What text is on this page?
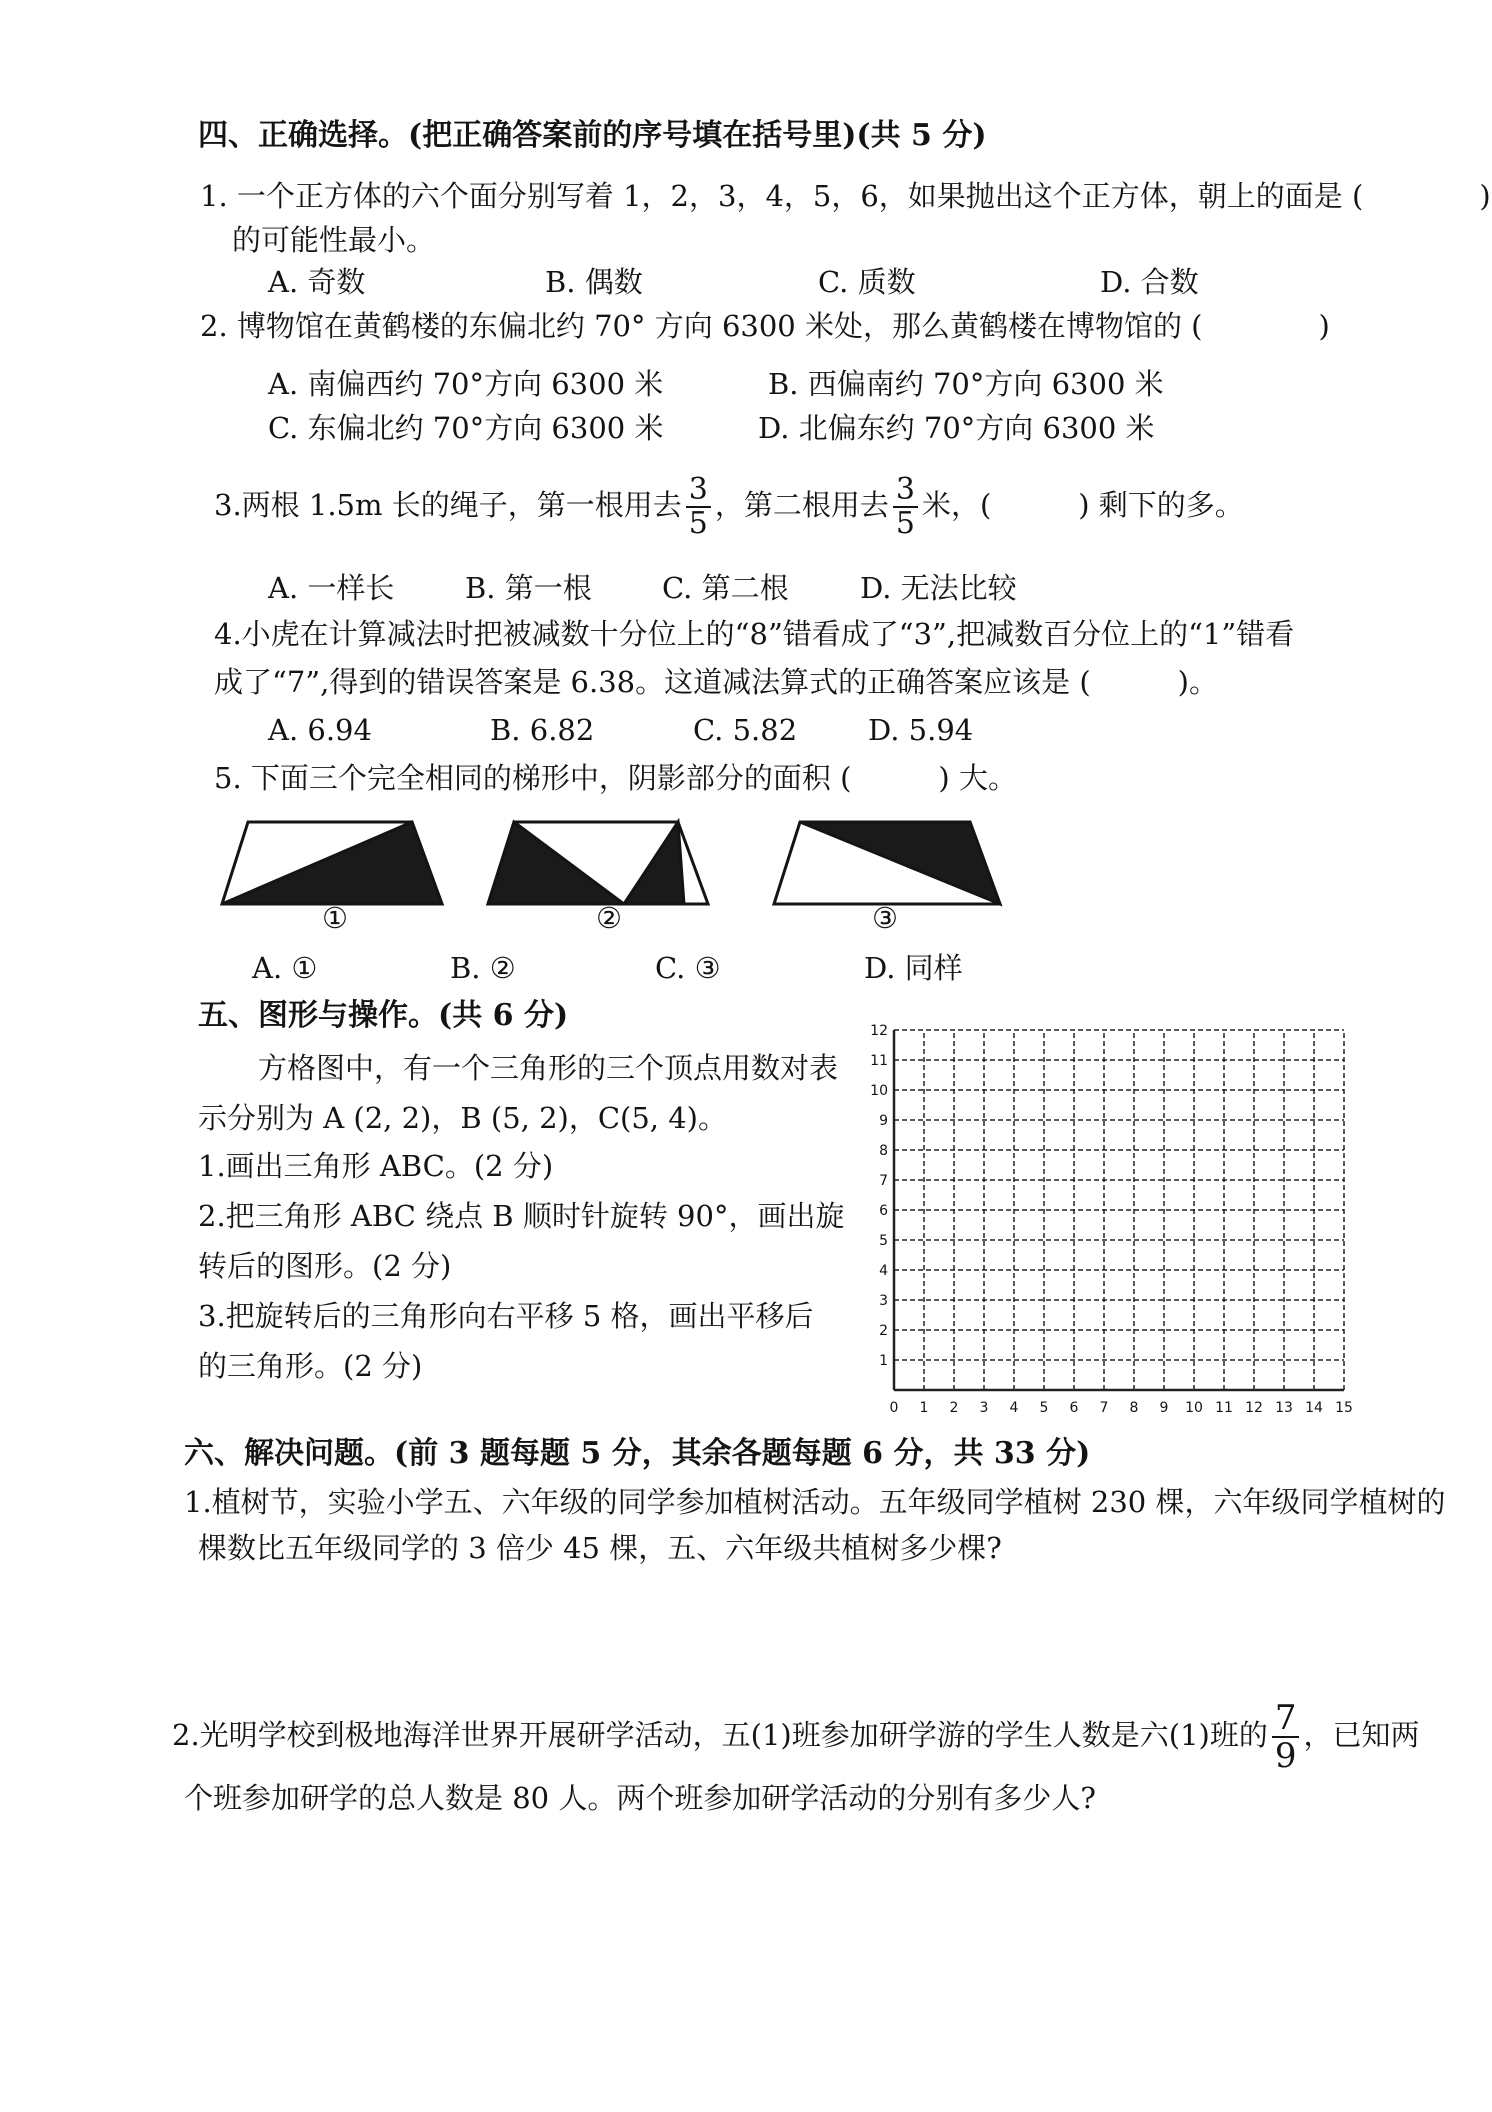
四、正确选择。(把正确答案前的序号填在括号里)(共 5 分)
1. 一个正方体的六个面分别写着 1，2，3，4，5，6，如果抛出这个正方体，朝上的面是 (　　　　)
的可能性最小。
A. 奇数	B. 偶数	C. 质数	D. 合数
2. 博物馆在黄鹤楼的东偏北约 70° 方向 6300 米处，那么黄鹤楼在博物馆的 (　　　　)
A. 南偏西约 70°方向 6300 米	B. 西偏南约 70°方向 6300 米
C. 东偏北约 70°方向 6300 米	D. 北偏东约 70°方向 6300 米
3.两根 1.5m 长的绳子，第一根用去 $\frac{3}{5}$ ，第二根用去 $\frac{3}{5}$ 米，(　　　) 剩下的多。
A. 一样长 B. 第一根 C. 第二根 D. 无法比较
4.小虎在计算减法时把被减数十分位上的“8”错看成了“3”,把减数百分位上的“1”错看
成了“7”,得到的错误答案是 6.38。这道减法算式的正确答案应该是 (　　　)。
A. 6.94	B. 6.82	C. 5.82 D. 5.94
5. 下面三个完全相同的梯形中，阴影部分的面积 (　　　) 大。
①	②	③
A. ①	B. ②	C. ③	D. 同样
五、图形与操作。(共 6 分)
方格图中，有一个三角形的三个顶点用数对表
示分别为 A (2, 2)，B (5, 2)，C(5, 4)。
1.画出三角形 ABC。(2 分)
2.把三角形 ABC 绕点 B 顺时针旋转 90°，画出旋
转后的图形。(2 分)
3.把旋转后的三角形向右平移 5 格，画出平移后
的三角形。(2 分)
0 1 2 3 4 5 6 7 8 9 10 11 12 13 14 15
1
2
3
4
5
6
7
8
9
10
11
12
六、解决问题。(前 3 题每题 5 分，其余各题每题 6 分，共 33 分)
1.植树节，实验小学五、六年级的同学参加植树活动。五年级同学植树 230 棵，六年级同学植树的
棵数比五年级同学的 3 倍少 45 棵，五、六年级共植树多少棵?
2.光明学校到极地海洋世界开展研学活动，五(1)班参加研学游的学生人数是六(1)班的 $\frac{7}{9}$ ，已知两
个班参加研学的总人数是 80 人。两个班参加研学活动的分别有多少人?
